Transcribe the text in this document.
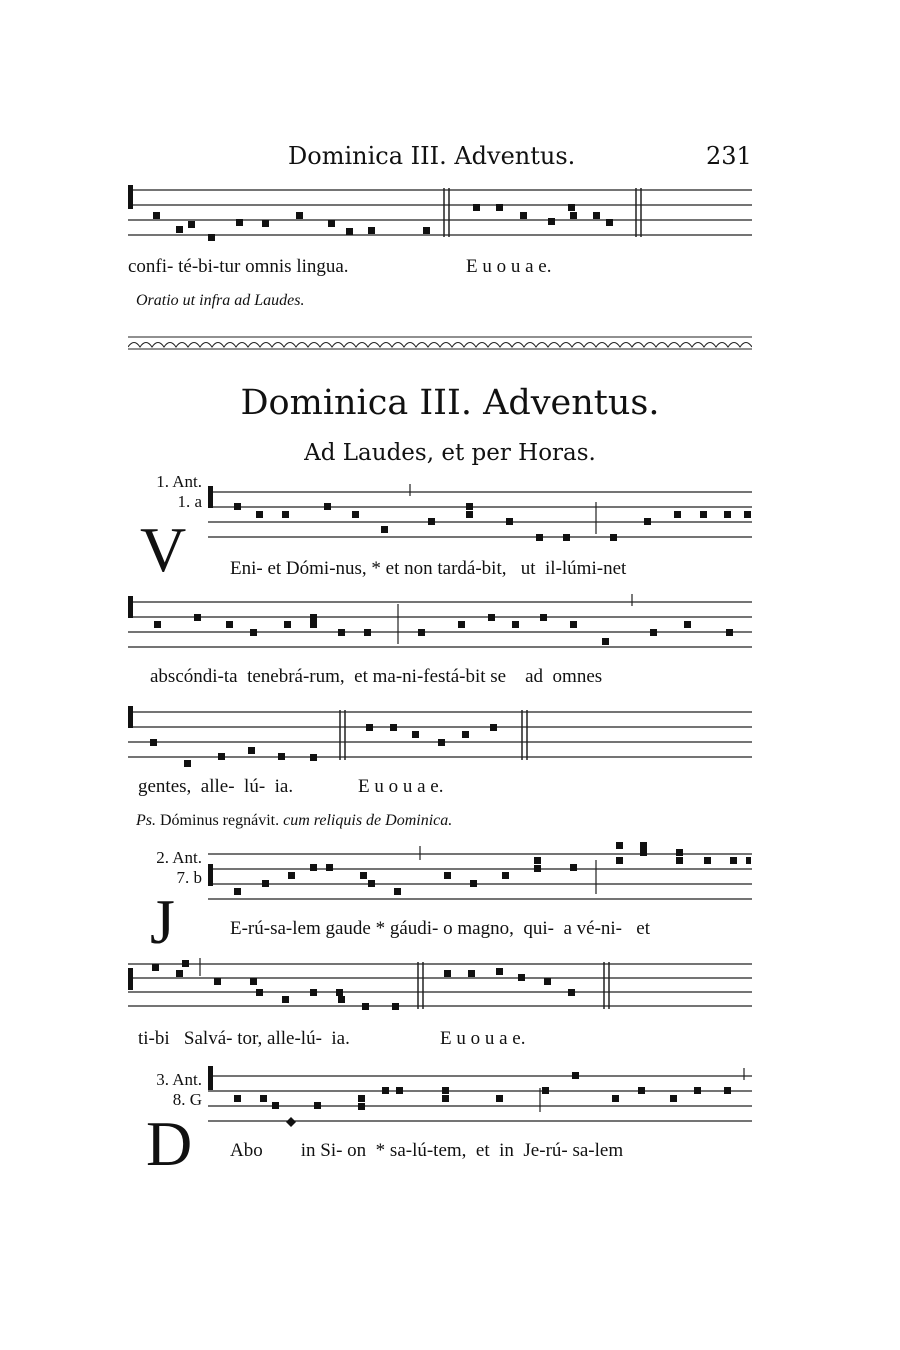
Dominica III. Adventus.	231
confi- té-bi-tur omnis lingua.	E u o u a e.
Oratio ut infra ad Laudes.
Dominica III. Adventus.
Ad Laudes, et per Horas.
1. Ant.
1. a
V Eni- et Dómi-nus, * et non tardá-bit,   ut  il-lúmi-net
abscóndi-ta  tenebrá-rum,  et ma-ni-festá-bit se    ad  omnes
gentes,  alle-  lú-  ia.	E u o u a e.
Ps. Dóminus regnávit. cum reliquis de Dominica.
2. Ant.
7. b
J	E-rú-sa-lem gaude * gáudi- o magno,  qui-  a vé-ni-   et
ti-bi   Salvá- tor, alle-lú-  ia.	E u o u a e.
3. Ant.
8. G
D Abo        in Si- on  * sa-lú-tem,  et  in  Je-rú- sa-lem
